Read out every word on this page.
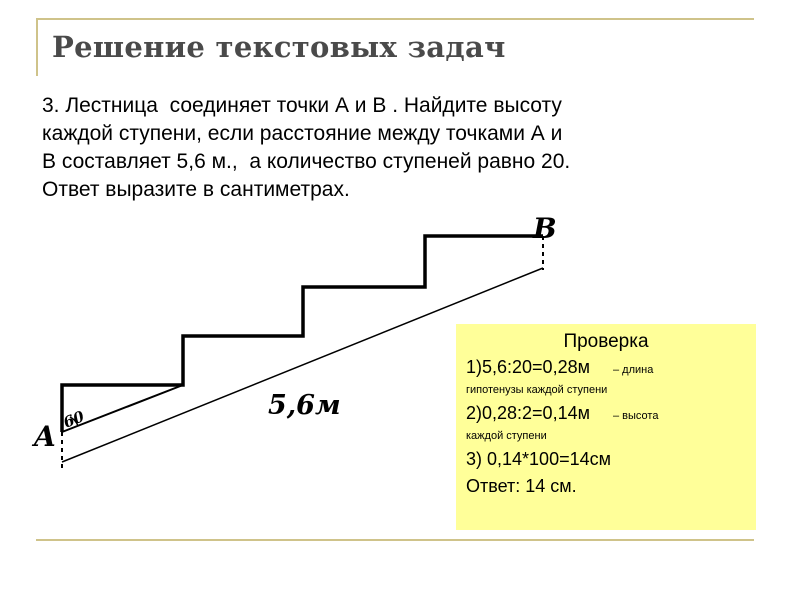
Решение текстовых задач
3. Лестница  соединяет точки А и В . Найдите высоту
каждой ступени, если расстояние между точками А и
В составляет 5,6 м.,  а количество ступеней равно 20.
Ответ выразите в сантиметрах.
A
B
60	5,6м
Проверка
1)5,6:20=0,28м – длина
гипотенузы каждой ступени
2)0,28:2=0,14м – высота
каждой ступени
3) 0,14*100=14см
Ответ: 14 см.
